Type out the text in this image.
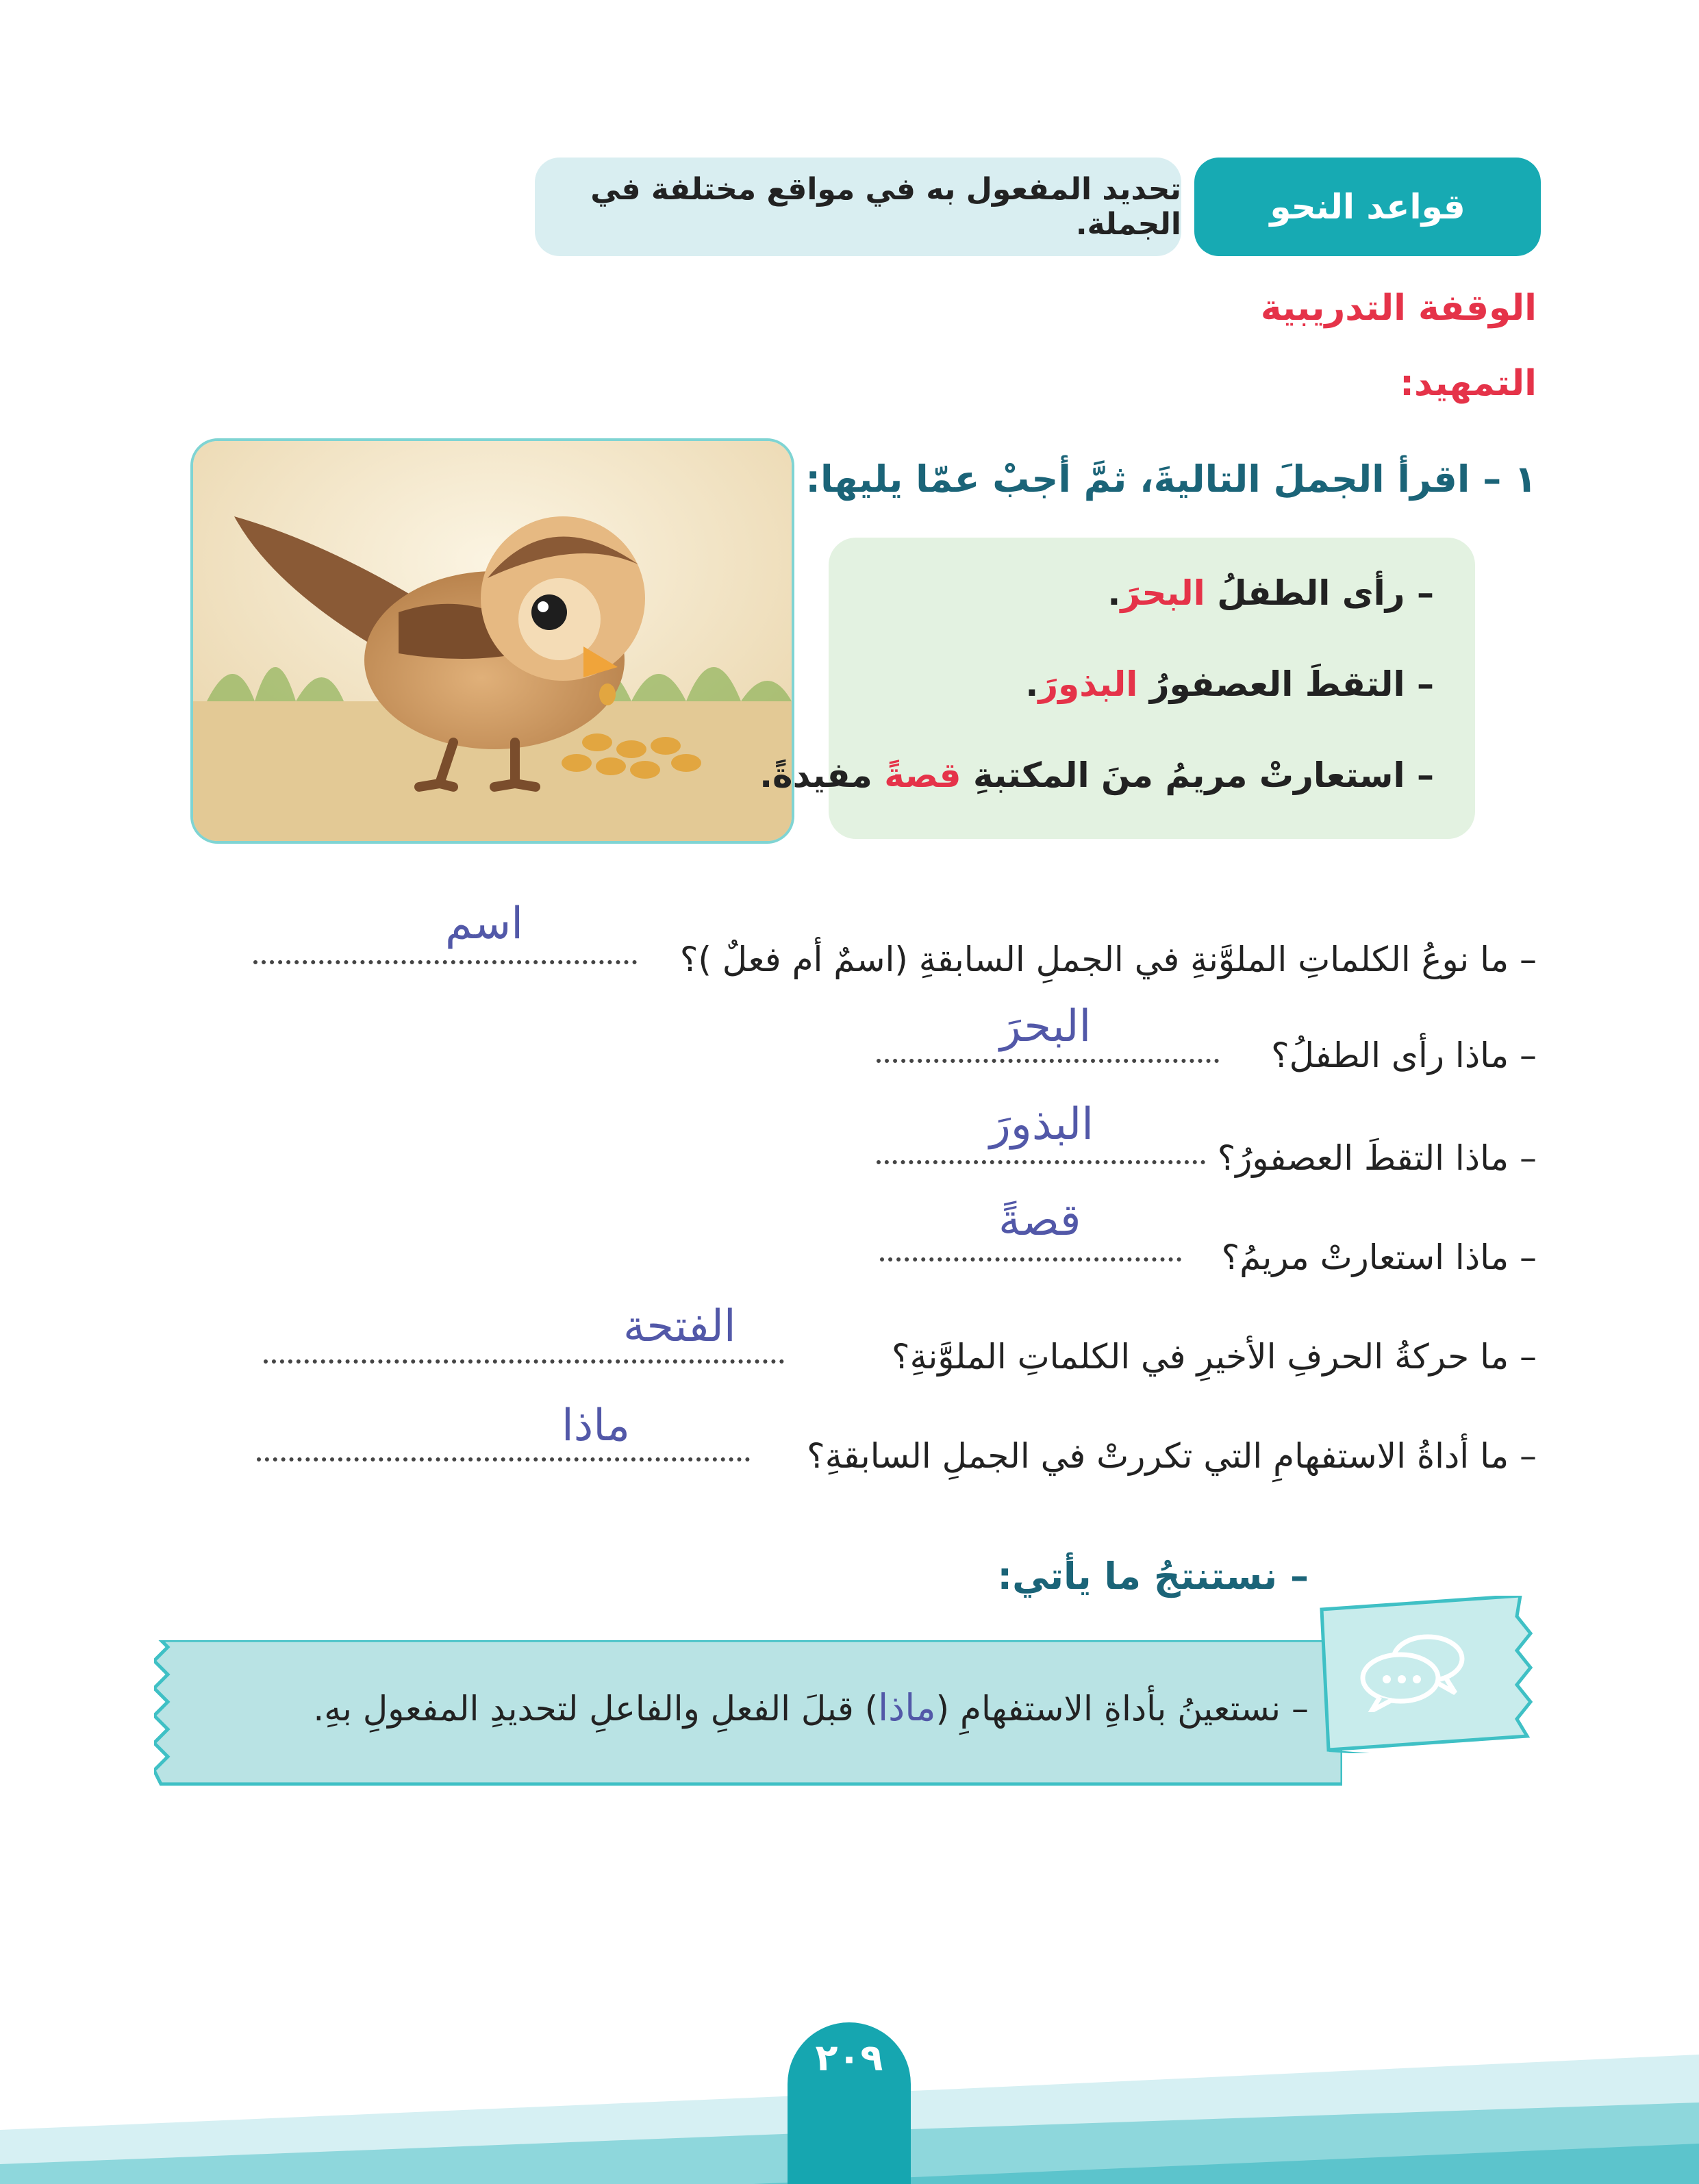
تحديد المفعول به في مواقع مختلفة في الجملة.	قواعد النحو
الوقفة التدريبية
التمهيد:
١ – اقرأ الجملَ التاليةَ، ثمَّ أجبْ عمّا يليها:
– رأى الطفلُ البحرَ.
– التقطَ العصفورُ البذورَ.
– استعارتْ مريمُ منَ المكتبةِ قصةً مفيدةً.
– ما نوعُ الكلماتِ الملوَّنةِ في الجملِ السابقةِ (اسمٌ أم فعلٌ )؟
اسم
– ماذا رأى الطفلُ؟
البحرَ
– ماذا التقطَ العصفورُ؟
البذورَ
– ماذا استعارتْ مريمُ؟
قصةً
– ما حركةُ الحرفِ الأخيرِ في الكلماتِ الملوَّنةِ؟
الفتحة
– ما أداةُ الاستفهامِ التي تكررتْ في الجملِ السابقةِ؟
ماذا
– نستنتجُ ما يأتي:
– نستعينُ بأداةِ الاستفهامِ (ماذا) قبلَ الفعلِ والفاعلِ لتحديدِ المفعولِ بهِ.
٢٠٩
